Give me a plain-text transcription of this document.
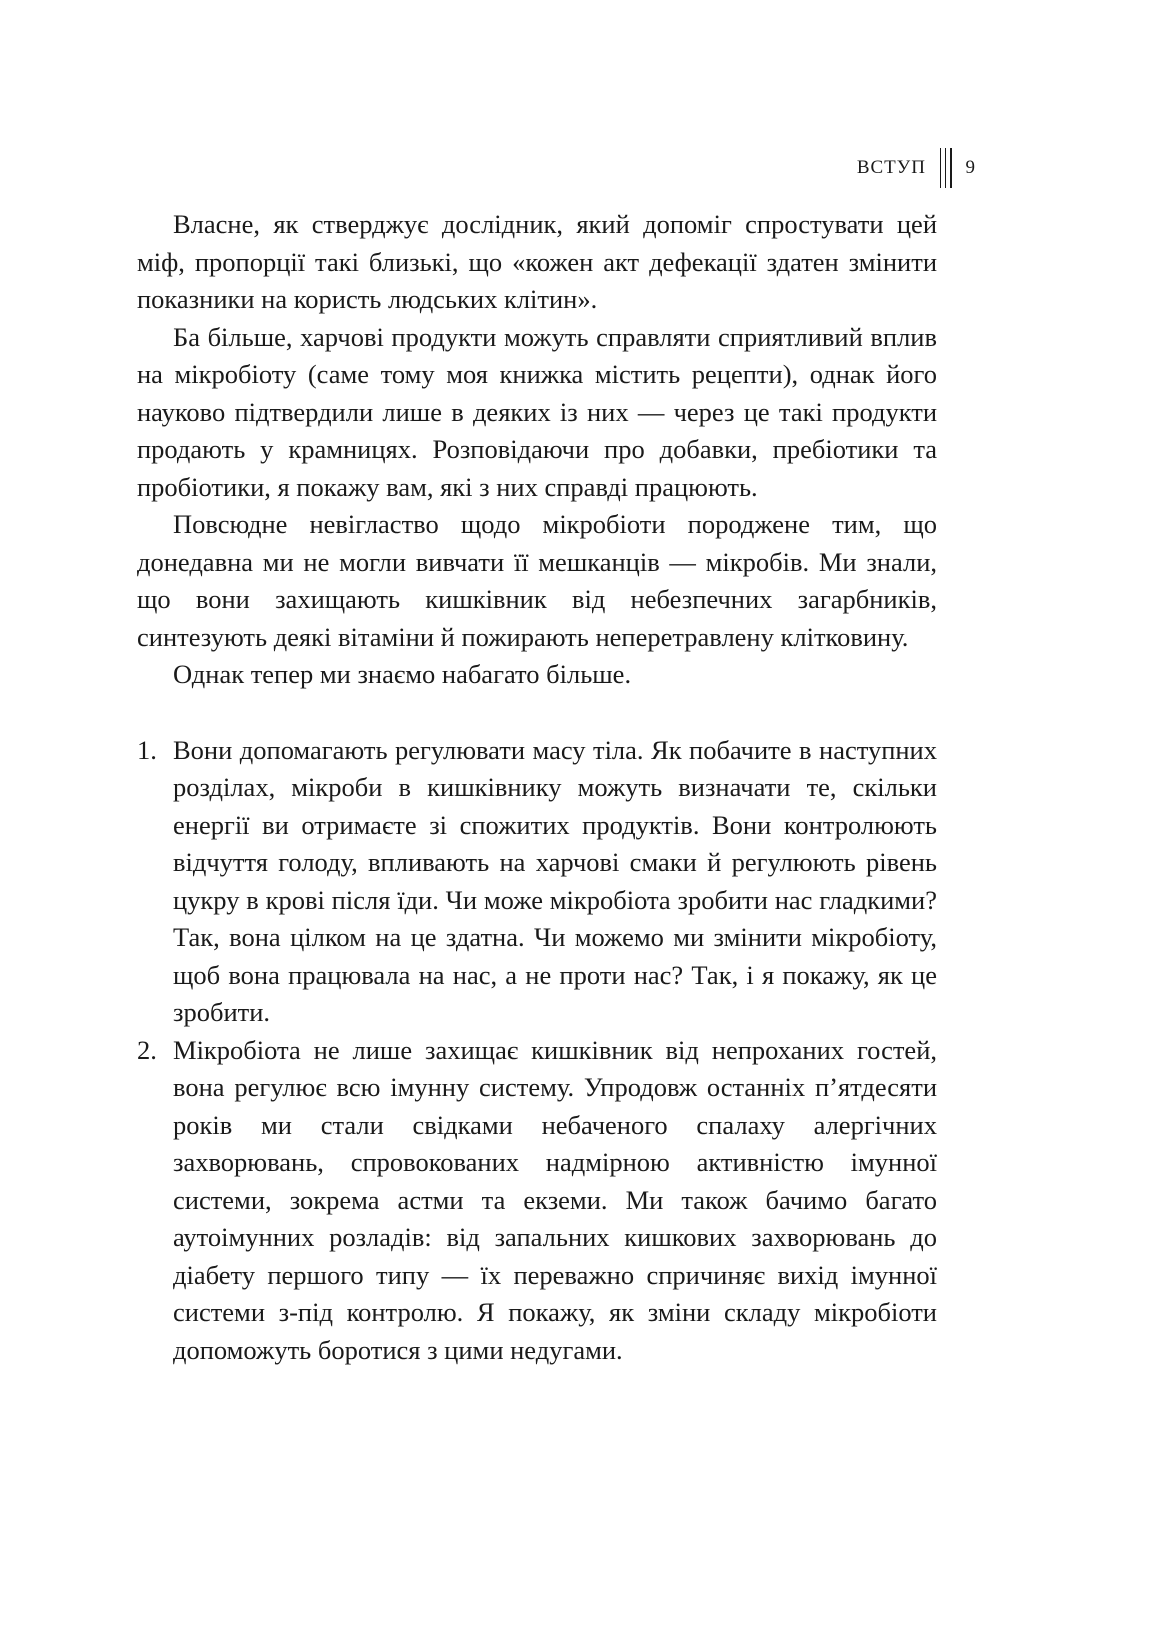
ВСТУП 9

Власне, як стверджує дослідник, який допоміг спростувати цей міф, пропорції такі близькі, що «кожен акт дефекації здатен змінити показники на користь людських клітин».

Ба більше, харчові продукти можуть справляти сприятливий вплив на мікробіоту (саме тому моя книжка містить рецепти), однак його науково підтвердили лише в деяких із них — через це такі продукти продають у крамницях. Розповідаючи про добавки, пребіотики та пробіотики, я покажу вам, які з них справді працюють.

Повсюдне невігластво щодо мікробіоти породжене тим, що донедавна ми не могли вивчати її мешканців — мікробів. Ми знали, що вони захищають кишківник від небезпечних загарбників, синтезують деякі вітаміни й пожирають неперетравлену клітковину.

Однак тепер ми знаємо набагато більше.

1. Вони допомагають регулювати масу тіла. Як побачите в наступних розділах, мікроби в кишківнику можуть визначати те, скільки енергії ви отримаєте зі спожитих продуктів. Вони контролюють відчуття голоду, впливають на харчові смаки й регулюють рівень цукру в крові після їди. Чи може мікробіота зробити нас гладкими? Так, вона цілком на це здатна. Чи можемо ми змінити мікробіоту, щоб вона працювала на нас, а не проти нас? Так, і я покажу, як це зробити.
2. Мікробіота не лише захищає кишківник від непроханих гостей, вона регулює всю імунну систему. Упродовж останніх п’ятдесяти років ми стали свідками небаченого спалаху алергічних захворювань, спровокованих надмірною активністю імунної системи, зокрема астми та екземи. Ми також бачимо багато аутоімунних розладів: від запальних кишкових захворювань до діабету першого типу — їх переважно спричиняє вихід імунної системи з-під контролю. Я покажу, як зміни складу мікробіоти допоможуть боротися з цими недугами.
